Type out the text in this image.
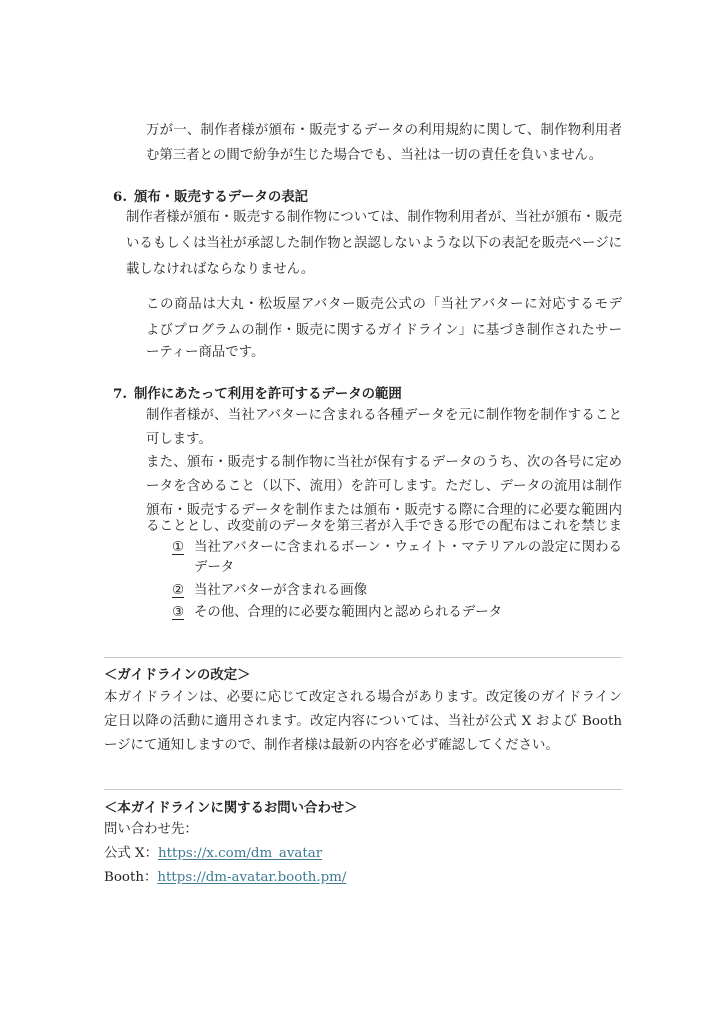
万が一、制作者様が頒布・販売するデータの利用規約に関して、制作物利用者
む第三者との間で紛争が生じた場合でも、当社は一切の責任を負いません。
6. 頒布・販売するデータの表記
制作者様が頒布・販売する制作物については、制作物利用者が、当社が頒布・販売
いるもしくは当社が承認した制作物と誤認しないような以下の表記を販売ページに
載しなければならなりません。
この商品は大丸・松坂屋アバター販売公式の「当社アバターに対応するモデ
よびプログラムの制作・販売に関するガイドライン」に基づき制作されたサー
ーティー商品です。
7. 制作にあたって利用を許可するデータの範囲
制作者様が、当社アバターに含まれる各種データを元に制作物を制作すること
可します。
また、頒布・販売する制作物に当社が保有するデータのうち、次の各号に定め
ータを含めること（以下、流用）を許可します。ただし、データの流用は制作
頒布・販売するデータを制作または頒布・販売する際に合理的に必要な範囲内
ることとし、改変前のデータを第三者が入手できる形での配布はこれを禁じま
① 当社アバターに含まれるボーン・ウェイト・マテリアルの設定に関わる
データ
② 当社アバターが含まれる画像
③ その他、合理的に必要な範囲内と認められるデータ
＜ガイドラインの改定＞
本ガイドラインは、必要に応じて改定される場合があります。改定後のガイドライン
定日以降の活動に適用されます。改定内容については、当社が公式 X および Booth
ージにて通知しますので、制作者様は最新の内容を必ず確認してください。
＜本ガイドラインに関するお問い合わせ＞
問い合わせ先：
公式 X：https://x.com/dm_avatar
Booth：https://dm-avatar.booth.pm/
